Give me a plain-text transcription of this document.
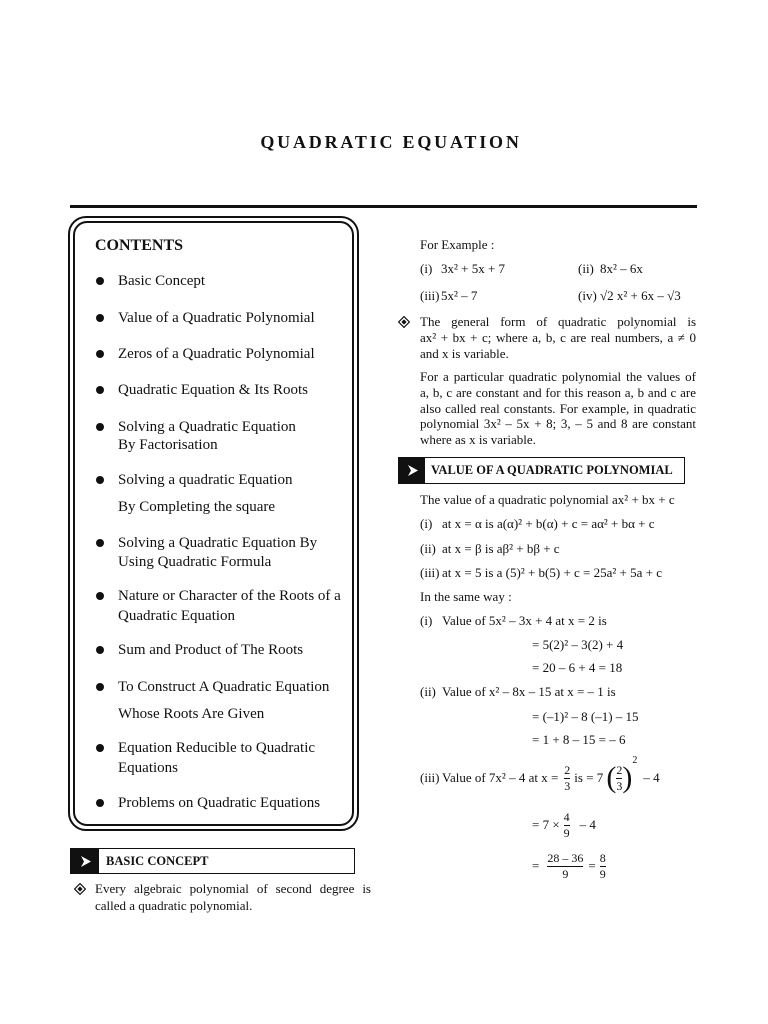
QUADRATIC EQUATION
CONTENTS
Basic Concept
Value of a Quadratic Polynomial
Zeros of a Quadratic Polynomial
Quadratic Equation & Its Roots
Solving a Quadratic Equation
By Factorisation
Solving a quadratic Equation
By Completing the square
Solving a Quadratic Equation By
Using Quadratic Formula
Nature or Character of the Roots of a
Quadratic Equation
Sum and Product of The Roots
To Construct A Quadratic Equation
Whose Roots Are Given
Equation Reducible to Quadratic
Equations
Problems on Quadratic Equations
BASIC CONCEPT
Every algebraic polynomial of second degree is
called a quadratic polynomial.
For Example :
(i) 3x² + 5x + 7	(ii) 8x² – 6x
(iii) 5x² – 7	(iv) √2 x² + 6x – √3
The general form of quadratic polynomial is
ax² + bx + c; where a, b, c are real numbers, a ≠ 0
and x is variable.
For a particular quadratic polynomial the values of
a, b, c are constant and for this reason a, b and c are
also called real constants. For example, in quadratic
polynomial 3x² – 5x + 8; 3, – 5 and 8 are constant
where as x is variable.
VALUE OF A QUADRATIC POLYNOMIAL
The value of a quadratic polynomial ax² + bx + c
(i) at x = α is a(α)² + b(α) + c = aα² + bα + c
(ii) at x = β is aβ² + bβ + c
(iii) at x = 5 is a (5)² + b(5) + c = 25a² + 5a + c
In the same way :
(i) Value of 5x² – 3x + 4 at x = 2 is
= 5(2)² – 3(2) + 4
= 20 – 6 + 4 = 18
(ii) Value of x² – 8x – 15 at x = – 1 is
= (–1)² – 8 (–1) – 15
= 1 + 8 – 15 = – 6
(iii) Value of 7x² – 4 at $x = \frac{2}{3}$ is = 7 ( $\frac{2}{3}$ )
2
– 4
= $7 \times \frac{4}{9} - 4$
= $\frac{28 - 36}{9} = \frac{8}{9}$
